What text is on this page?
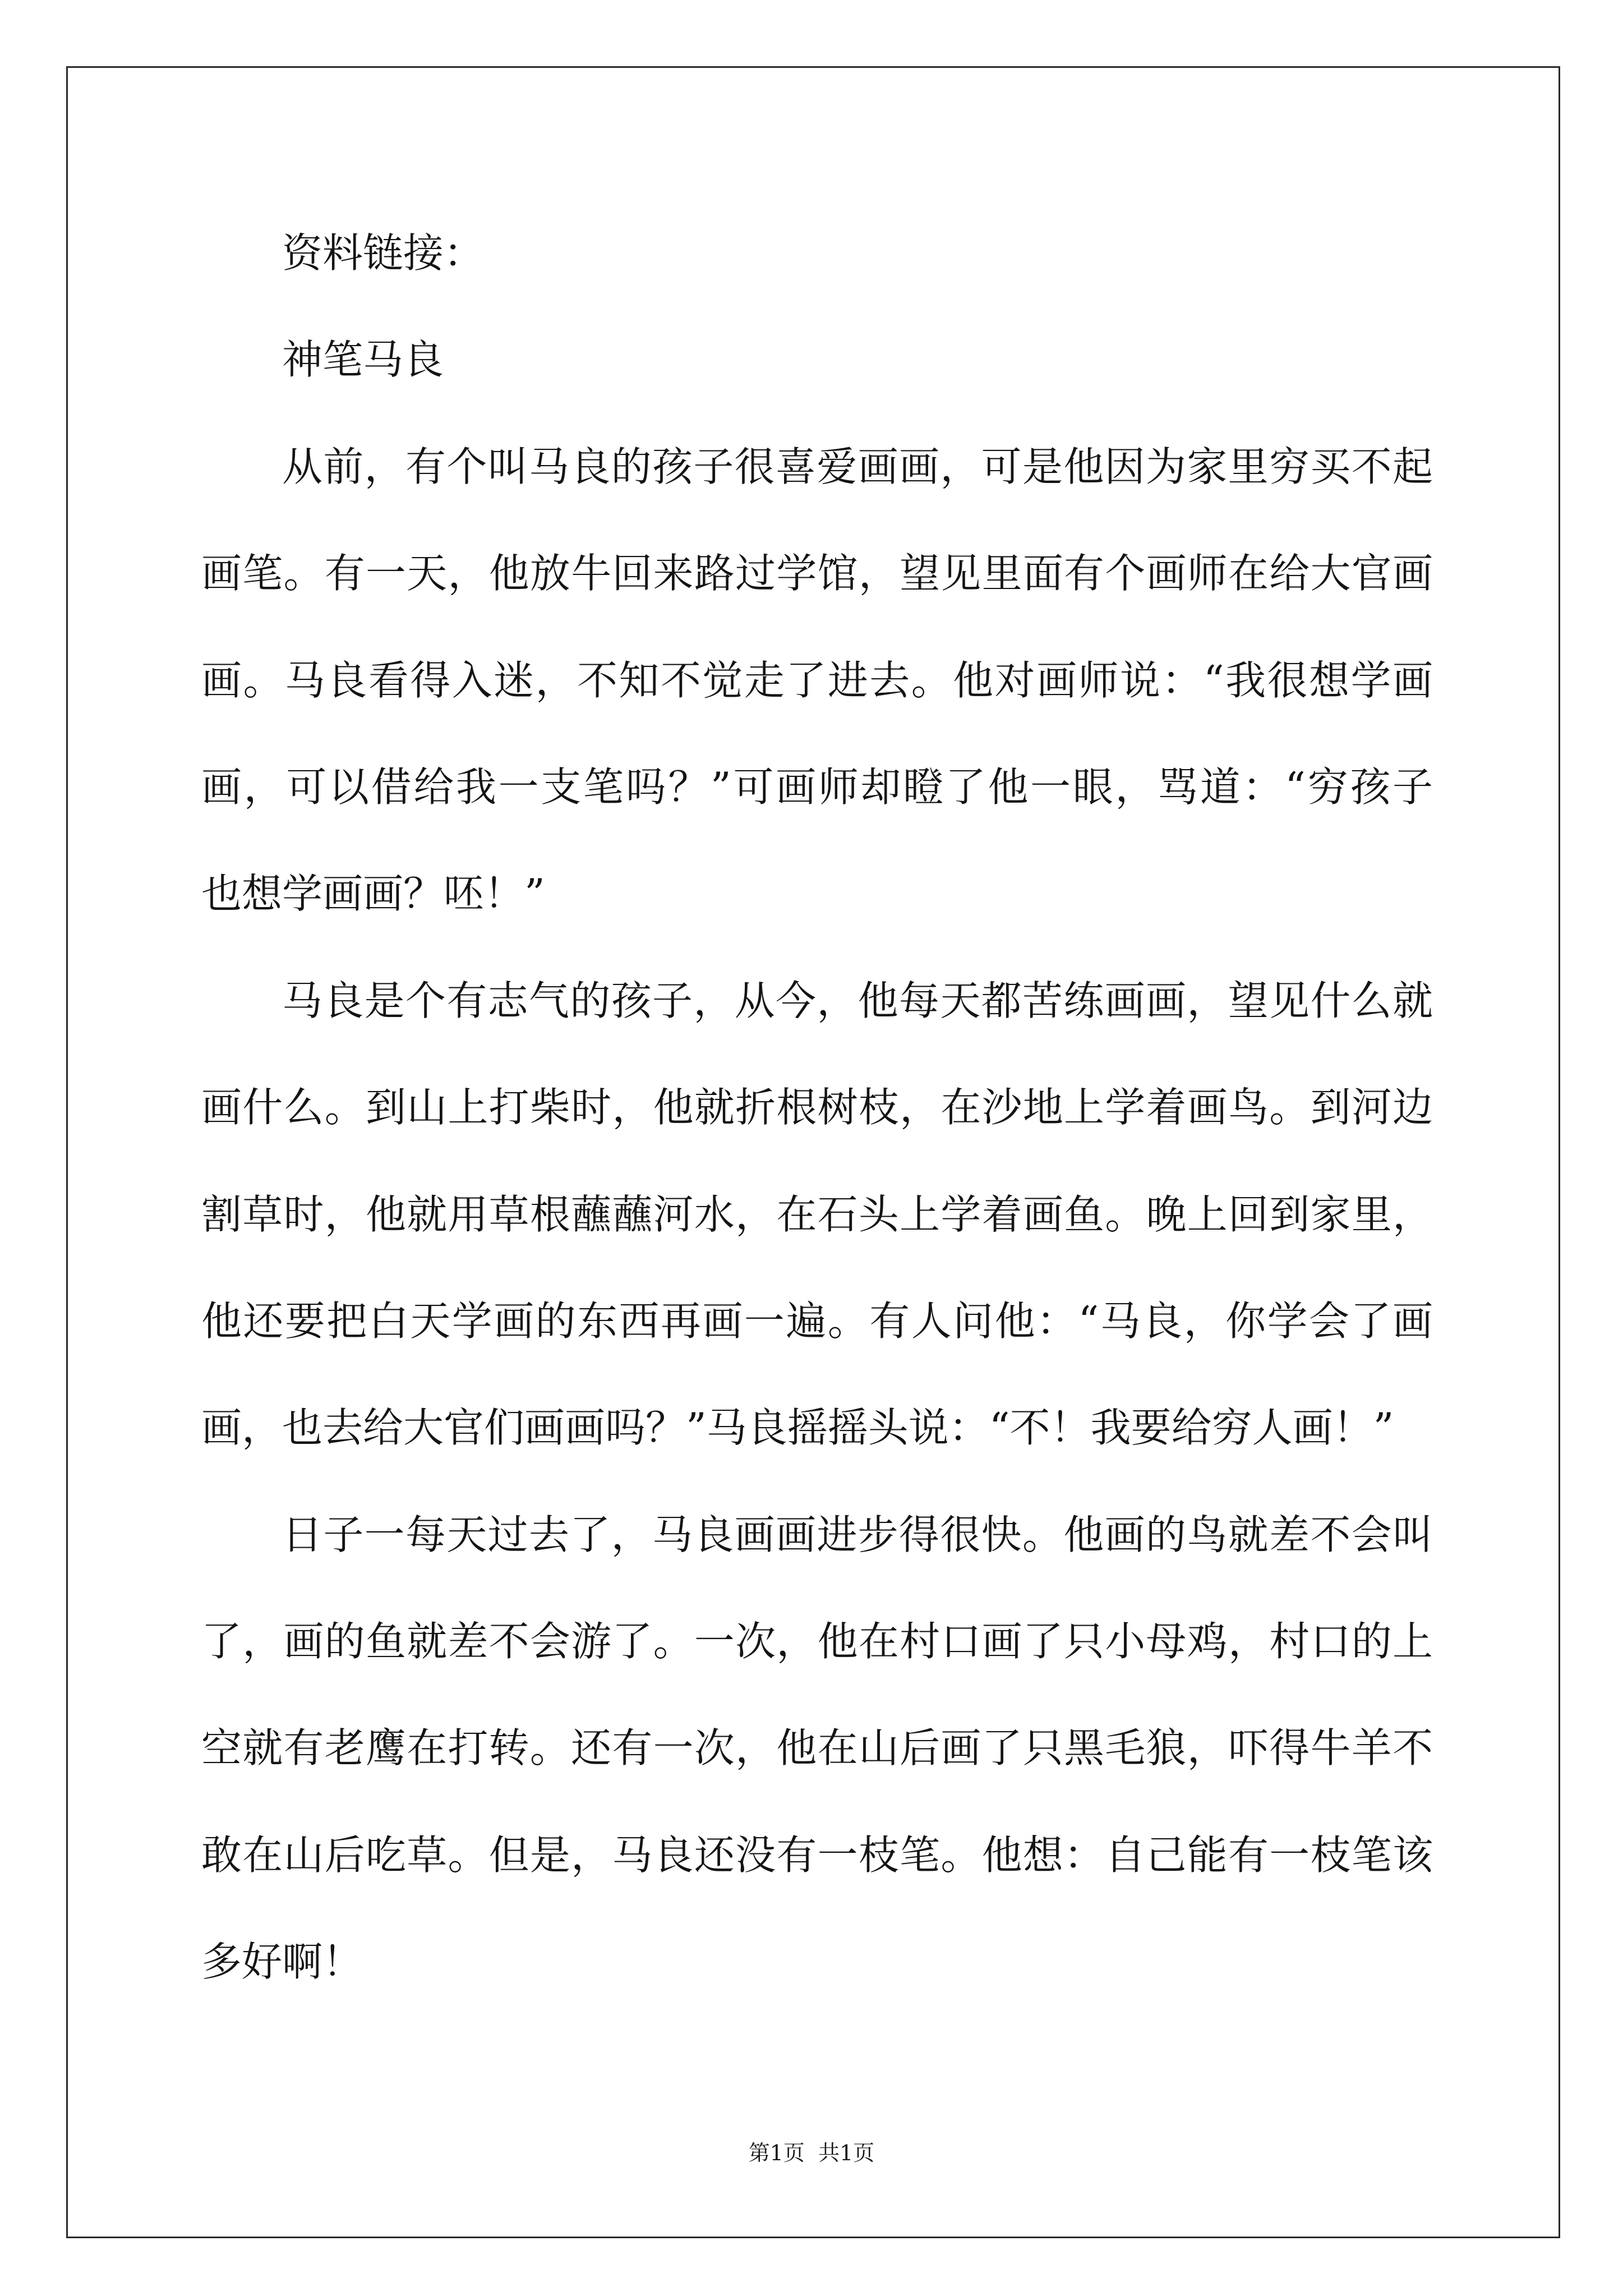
资料链接：
神笔马良
从前，有个叫马良的孩子很喜爱画画，可是他因为家里穷买不起
画笔。有一天，他放牛回来路过学馆，望见里面有个画师在给大官画
画。马良看得入迷，不知不觉走了进去。他对画师说：“我很想学画
画，可以借给我一支笔吗？”可画师却瞪了他一眼，骂道：“穷孩子
也想学画画？呸！”
马良是个有志气的孩子，从今，他每天都苦练画画，望见什么就
画什么。到山上打柴时，他就折根树枝，在沙地上学着画鸟。到河边
割草时，他就用草根蘸蘸河水，在石头上学着画鱼。晚上回到家里，
他还要把白天学画的东西再画一遍。有人问他：“马良，你学会了画
画，也去给大官们画画吗？”马良摇摇头说：“不！我要给穷人画！”
日子一每天过去了，马良画画进步得很快。他画的鸟就差不会叫
了，画的鱼就差不会游了。一次，他在村口画了只小母鸡，村口的上
空就有老鹰在打转。还有一次，他在山后画了只黑毛狼，吓得牛羊不
敢在山后吃草。但是，马良还没有一枝笔。他想：自己能有一枝笔该
多好啊！
第1页  共1页
